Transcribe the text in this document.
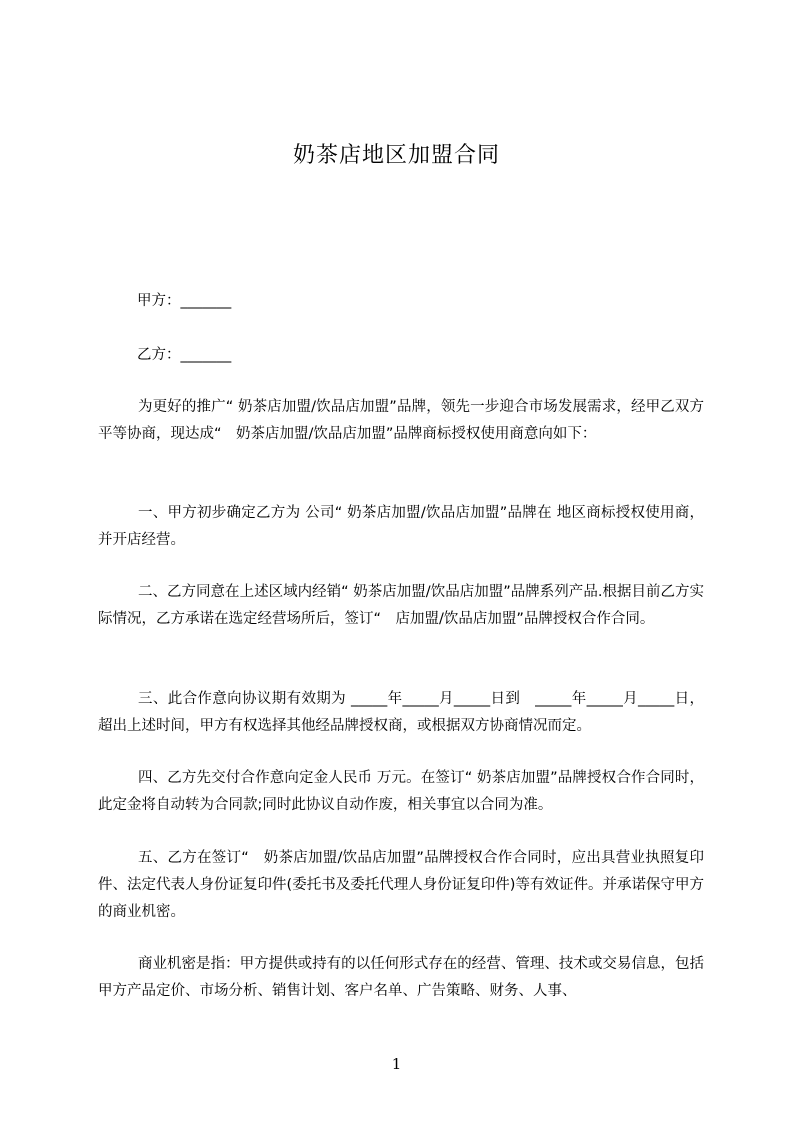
奶茶店地区加盟合同
甲方：_______
乙方：_______
为更好的推广“ 奶茶店加盟/饮品店加盟”品牌，领先一步迎合市场发展需求，经甲乙双方平等协商，现达成“　奶茶店加盟/饮品店加盟”品牌商标授权使用商意向如下：
一、甲方初步确定乙方为 公司“ 奶茶店加盟/饮品店加盟”品牌在 地区商标授权使用商，并开店经营。
二、乙方同意在上述区域内经销“ 奶茶店加盟/饮品店加盟”品牌系列产品.根据目前乙方实际情况，乙方承诺在选定经营场所后，签订“　店加盟/饮品店加盟”品牌授权合作合同。
三、此合作意向协议期有效期为 _____年_____月_____日到　_____年_____月_____日，超出上述时间，甲方有权选择其他经品牌授权商，或根据双方协商情况而定。
四、乙方先交付合作意向定金人民币 万元。在签订“ 奶茶店加盟”品牌授权合作合同时，此定金将自动转为合同款;同时此协议自动作废，相关事宜以合同为准。
五、乙方在签订“　奶茶店加盟/饮品店加盟”品牌授权合作合同时，应出具营业执照复印件、法定代表人身份证复印件(委托书及委托代理人身份证复印件)等有效证件。并承诺保守甲方的商业机密。
商业机密是指：甲方提供或持有的以任何形式存在的经营、管理、技术或交易信息，包括甲方产品定价、市场分析、销售计划、客户名单、广告策略、财务、人事、
1
